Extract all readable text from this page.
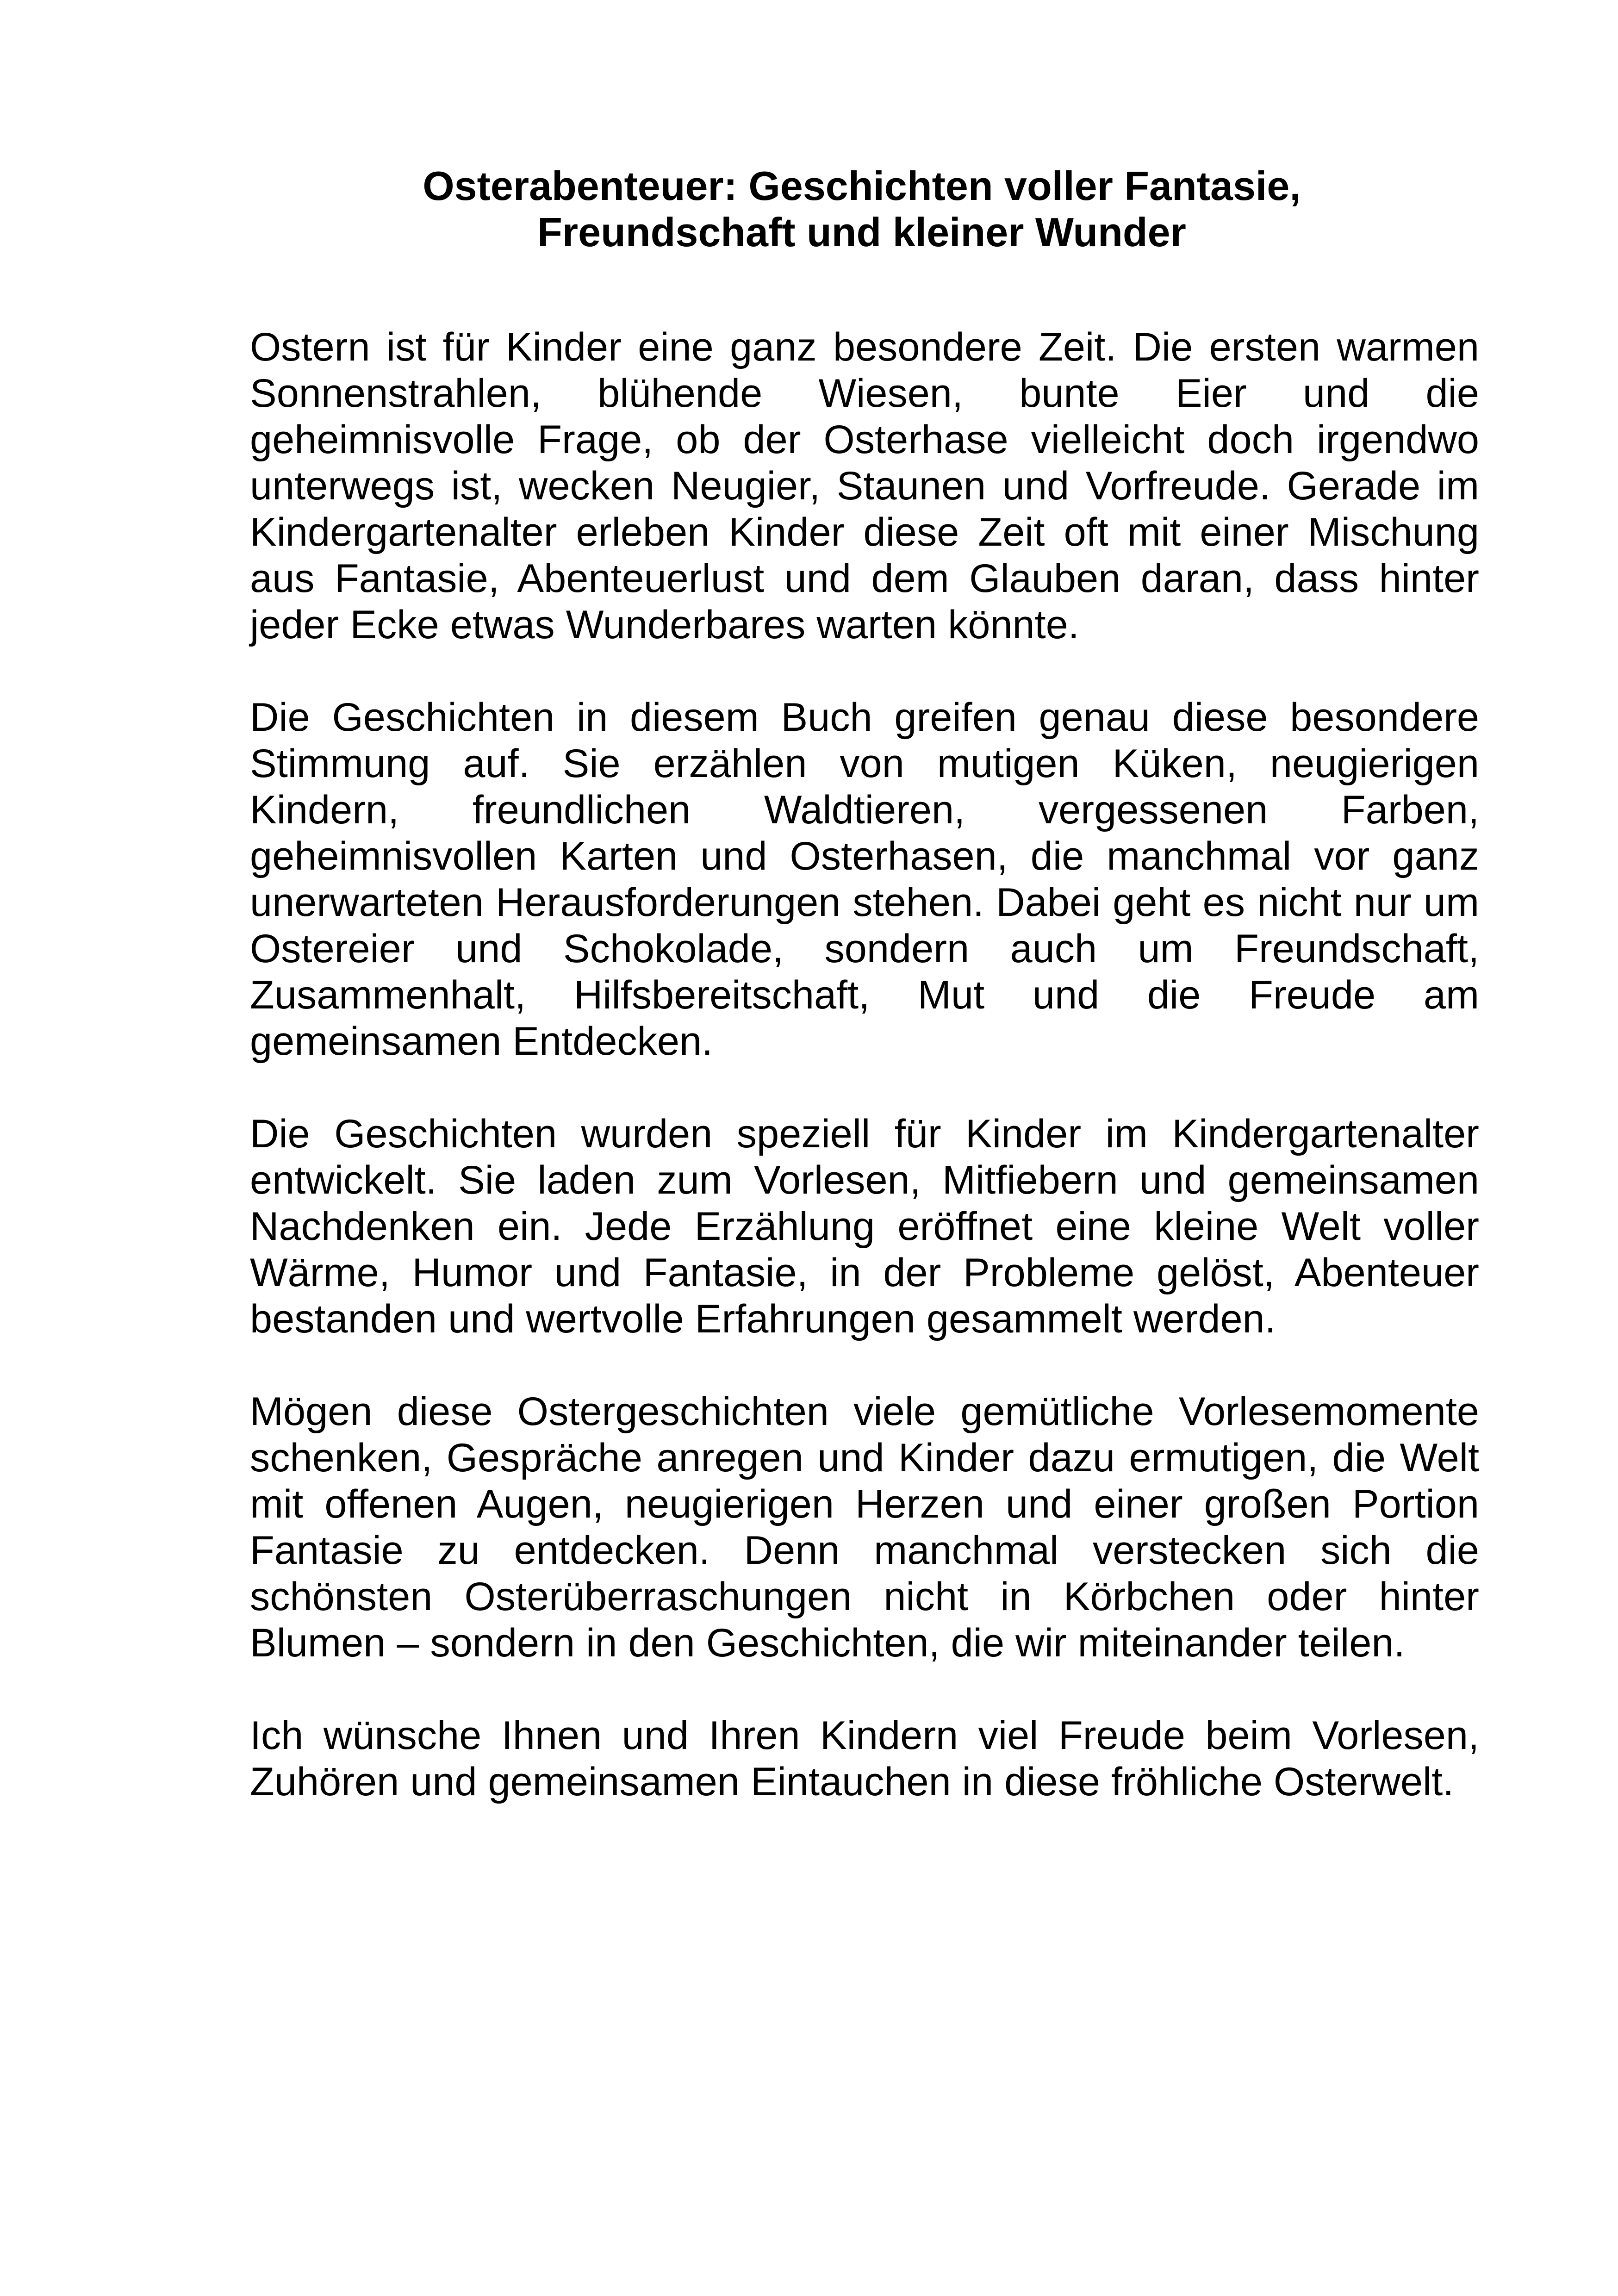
Osterabenteuer: Geschichten voller Fantasie,
Freundschaft und kleiner Wunder

Ostern ist für Kinder eine ganz besondere Zeit. Die ersten warmen Sonnenstrahlen, blühende Wiesen, bunte Eier und die geheimnisvolle Frage, ob der Osterhase vielleicht doch irgendwo unterwegs ist, wecken Neugier, Staunen und Vorfreude. Gerade im Kindergartenalter erleben Kinder diese Zeit oft mit einer Mischung aus Fantasie, Abenteuerlust und dem Glauben daran, dass hinter jeder Ecke etwas Wunderbares warten könnte.

Die Geschichten in diesem Buch greifen genau diese besondere Stimmung auf. Sie erzählen von mutigen Küken, neugierigen Kindern, freundlichen Waldtieren, vergessenen Farben, geheimnisvollen Karten und Osterhasen, die manchmal vor ganz unerwarteten Herausforderungen stehen. Dabei geht es nicht nur um Ostereier und Schokolade, sondern auch um Freundschaft, Zusammenhalt, Hilfsbereitschaft, Mut und die Freude am gemeinsamen Entdecken.

Die Geschichten wurden speziell für Kinder im Kindergartenalter entwickelt. Sie laden zum Vorlesen, Mitfiebern und gemeinsamen Nachdenken ein. Jede Erzählung eröffnet eine kleine Welt voller Wärme, Humor und Fantasie, in der Probleme gelöst, Abenteuer bestanden und wertvolle Erfahrungen gesammelt werden.

Mögen diese Ostergeschichten viele gemütliche Vorlesemomente schenken, Gespräche anregen und Kinder dazu ermutigen, die Welt mit offenen Augen, neugierigen Herzen und einer großen Portion Fantasie zu entdecken. Denn manchmal verstecken sich die schönsten Osterüberraschungen nicht in Körbchen oder hinter Blumen – sondern in den Geschichten, die wir miteinander teilen.

Ich wünsche Ihnen und Ihren Kindern viel Freude beim Vorlesen, Zuhören und gemeinsamen Eintauchen in diese fröhliche Osterwelt.
